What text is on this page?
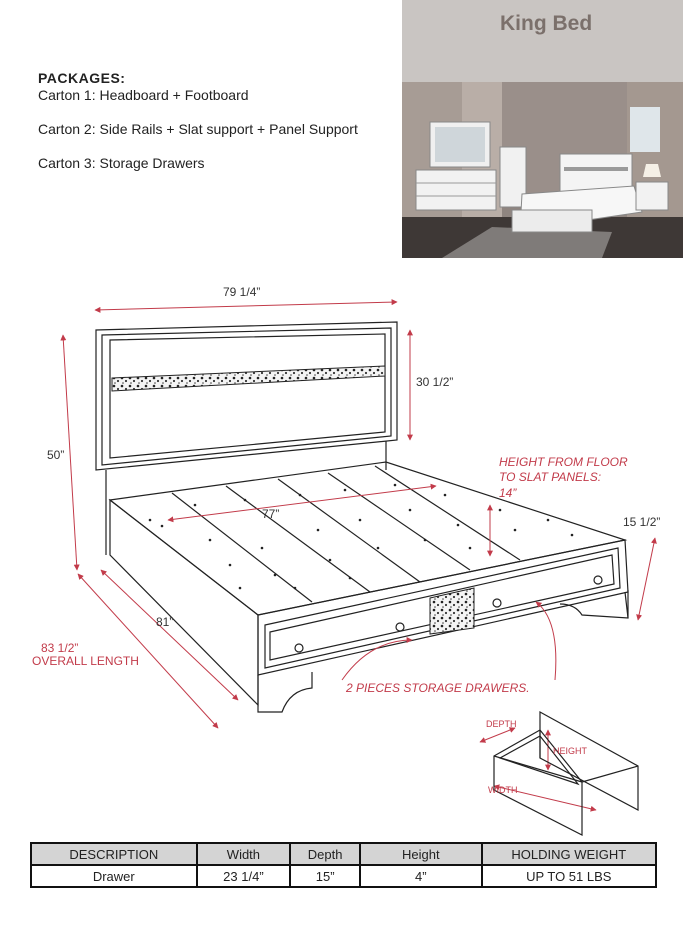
King Bed
PACKAGES:
Carton 1: Headboard + Footboard
Carton 2: Side Rails + Slat support + Panel Support
Carton 3: Storage Drawers
79 1/4”
30 1/2”
50”
77”
15 1/2”
81”
HEIGHT FROM FLOOR
TO SLAT PANELS:
14”
2 PIECES STORAGE DRAWERS.
83 1/2”
OVERALL LENGTH
DEPTH
HEIGHT
WIDTH
DESCRIPTION	Width	Depth	Height	HOLDING WEIGHT
Drawer	23 1/4”	15”	4”	UP TO 51 LBS
